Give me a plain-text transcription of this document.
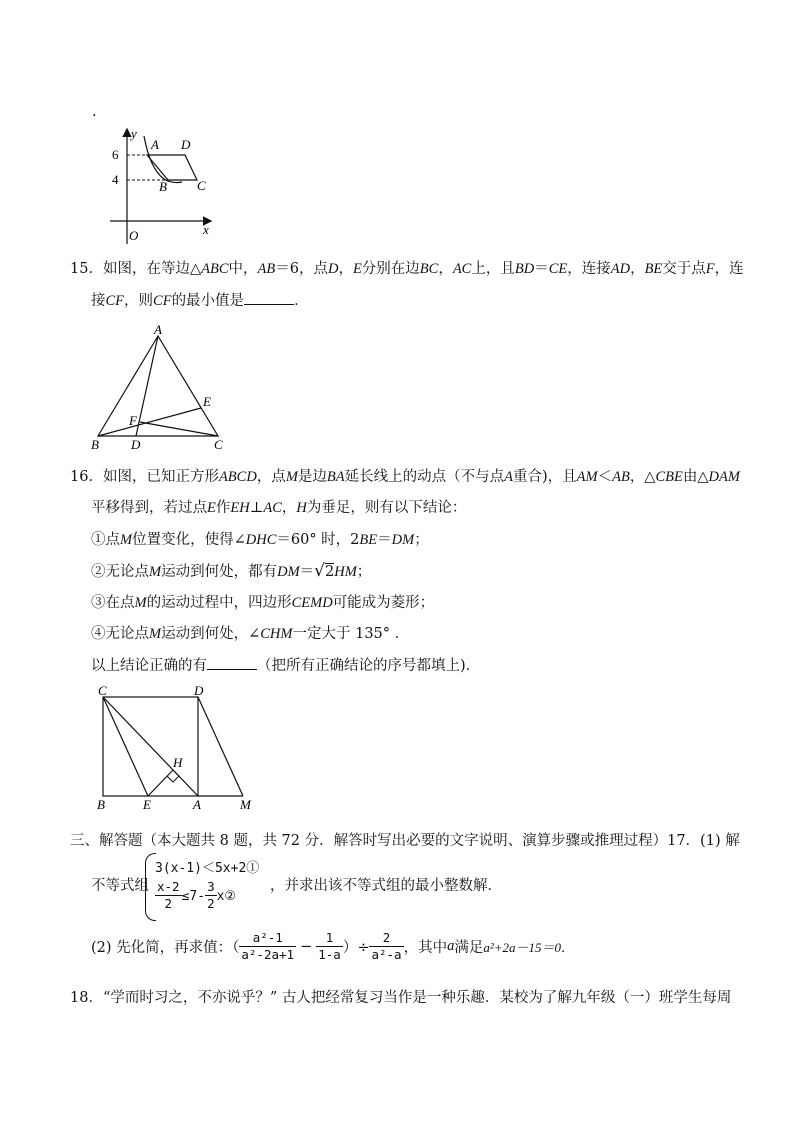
.
y
x
O
6
4
A D
B C
15．如图，在等边△ABC中，AB＝6，点D，E分别在边BC，AC上，且BD＝CE，连接AD，BE交于点F，连
接CF，则CF的最小值是	．
A
B	C
D
E
F
16．如图，已知正方形ABCD，点M是边BA延长线上的动点（不与点A重合)，且AM＜AB，△CBE由△DAM
平移得到，若过点E作EH⊥AC，H为垂足，则有以下结论：
①点M位置变化，使得∠DHC＝60° 时，2BE＝DM；
②无论点M运动到何处，都有DM＝√2HM；
③在点M的运动过程中，四边形CEMD可能成为菱形；
④无论点M运动到何处，∠CHM一定大于 135° ．
以上结论正确的有	（把所有正确结论的序号都填上)．
C	D
B	E	A	M
H
三、解答题（本大题共 8 题，共 72 分．解答时写出必要的文字说明、演算步骤或推理过程）17．(1) 解
不等式组
3(x-1)＜5x+2①
$\frac{x-2}{2} \le 7- \frac{3}{2}$ x②
，并求出该不等式组的最小整数解．
(2) 先化简，再求值：（ $\frac{\text{a²-1}}{\text{a²-2a+1}} - \frac{1}{1-a}$ ）÷ $\frac{2}{\text{a²-a}}$ ，其中a满足a²+2a－15＝0．
18．“学而时习之，不亦说乎？” 古人把经常复习当作是一种乐趣．某校为了解九年级（一）班学生每周
